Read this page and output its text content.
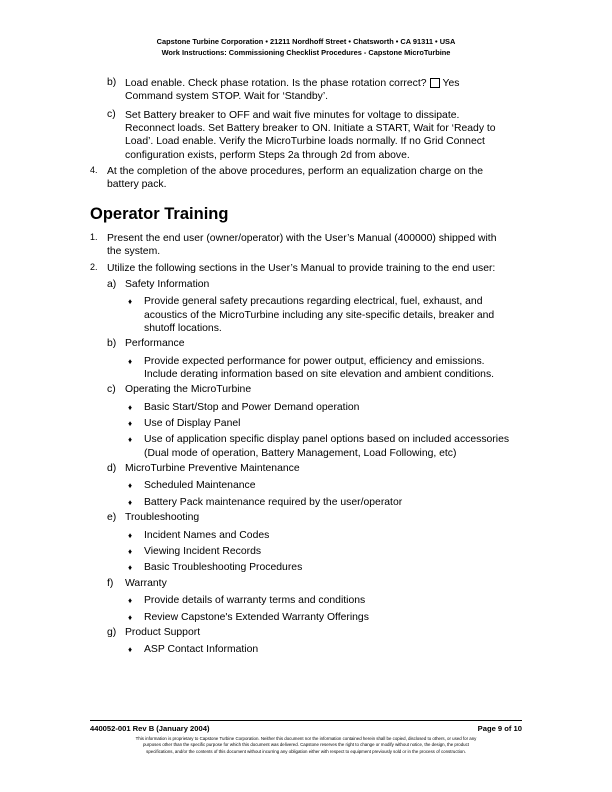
Capstone Turbine Corporation • 21211 Nordhoff Street • Chatsworth • CA 91311 • USA
Work Instructions: Commissioning Checklist Procedures - Capstone MicroTurbine
b) Load enable. Check phase rotation. Is the phase rotation correct? Yes
Command system STOP. Wait for ‘Standby’.
c) Set Battery breaker to OFF and wait five minutes for voltage to dissipate.
Reconnect loads. Set Battery breaker to ON. Initiate a START, Wait for ‘Ready to
Load’. Load enable. Verify the MicroTurbine loads normally. If no Grid Connect
configuration exists, perform Steps 2a through 2d from above.
4. At the completion of the above procedures, perform an equalization charge on the
battery pack.
Operator Training
1. Present the end user (owner/operator) with the User’s Manual (400000) shipped with
the system.
2. Utilize the following sections in the User’s Manual to provide training to the end user:
a) Safety Information
♦ Provide general safety precautions regarding electrical, fuel, exhaust, and
acoustics of the MicroTurbine including any site-specific details, breaker and
shutoff locations.
b) Performance
♦ Provide expected performance for power output, efficiency and emissions.
Include derating information based on site elevation and ambient conditions.
c) Operating the MicroTurbine
♦ Basic Start/Stop and Power Demand operation
♦ Use of Display Panel
♦ Use of application specific display panel options based on included accessories
(Dual mode of operation, Battery Management, Load Following, etc)
d) MicroTurbine Preventive Maintenance
♦ Scheduled Maintenance
♦ Battery Pack maintenance required by the user/operator
e) Troubleshooting
♦ Incident Names and Codes
♦ Viewing Incident Records
♦ Basic Troubleshooting Procedures
f) Warranty
♦ Provide details of warranty terms and conditions
♦ Review Capstone's Extended Warranty Offerings
g) Product Support
♦ ASP Contact Information
440052-001 Rev B (January 2004)	Page 9 of 10
This information is proprietary to Capstone Turbine Corporation. Neither this document nor the information contained herein shall be copied, disclosed to others, or used for any
purposes other than the specific purpose for which this document was delivered. Capstone reserves the right to change or modify without notice, the design, the product
specifications, and/or the contents of this document without incurring any obligation either with respect to equipment previously sold or in the process of construction.
